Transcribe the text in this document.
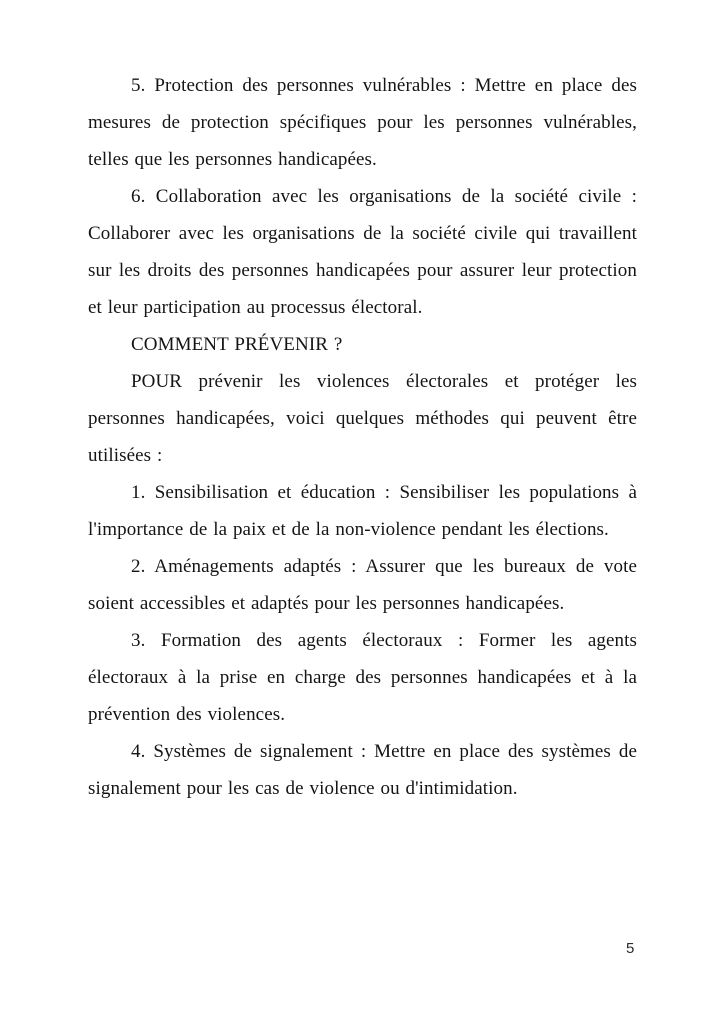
5. Protection des personnes vulnérables : Mettre en place des mesures de protection spécifiques pour les personnes vulnérables, telles que les personnes handicapées.

6. Collaboration avec les organisations de la société civile : Collaborer avec les organisations de la société civile qui travaillent sur les droits des personnes handicapées pour assurer leur protection et leur participation au processus électoral.

COMMENT PRÉVENIR ?

POUR prévenir les violences électorales et protéger les personnes handicapées, voici quelques méthodes qui peuvent être utilisées :

1. Sensibilisation et éducation : Sensibiliser les populations à l'importance de la paix et de la non-violence pendant les élections.

2. Aménagements adaptés : Assurer que les bureaux de vote soient accessibles et adaptés pour les personnes handicapées.

3. Formation des agents électoraux : Former les agents électoraux à la prise en charge des personnes handicapées et à la prévention des violences.

4. Systèmes de signalement : Mettre en place des systèmes de signalement pour les cas de violence ou d'intimidation.

5
